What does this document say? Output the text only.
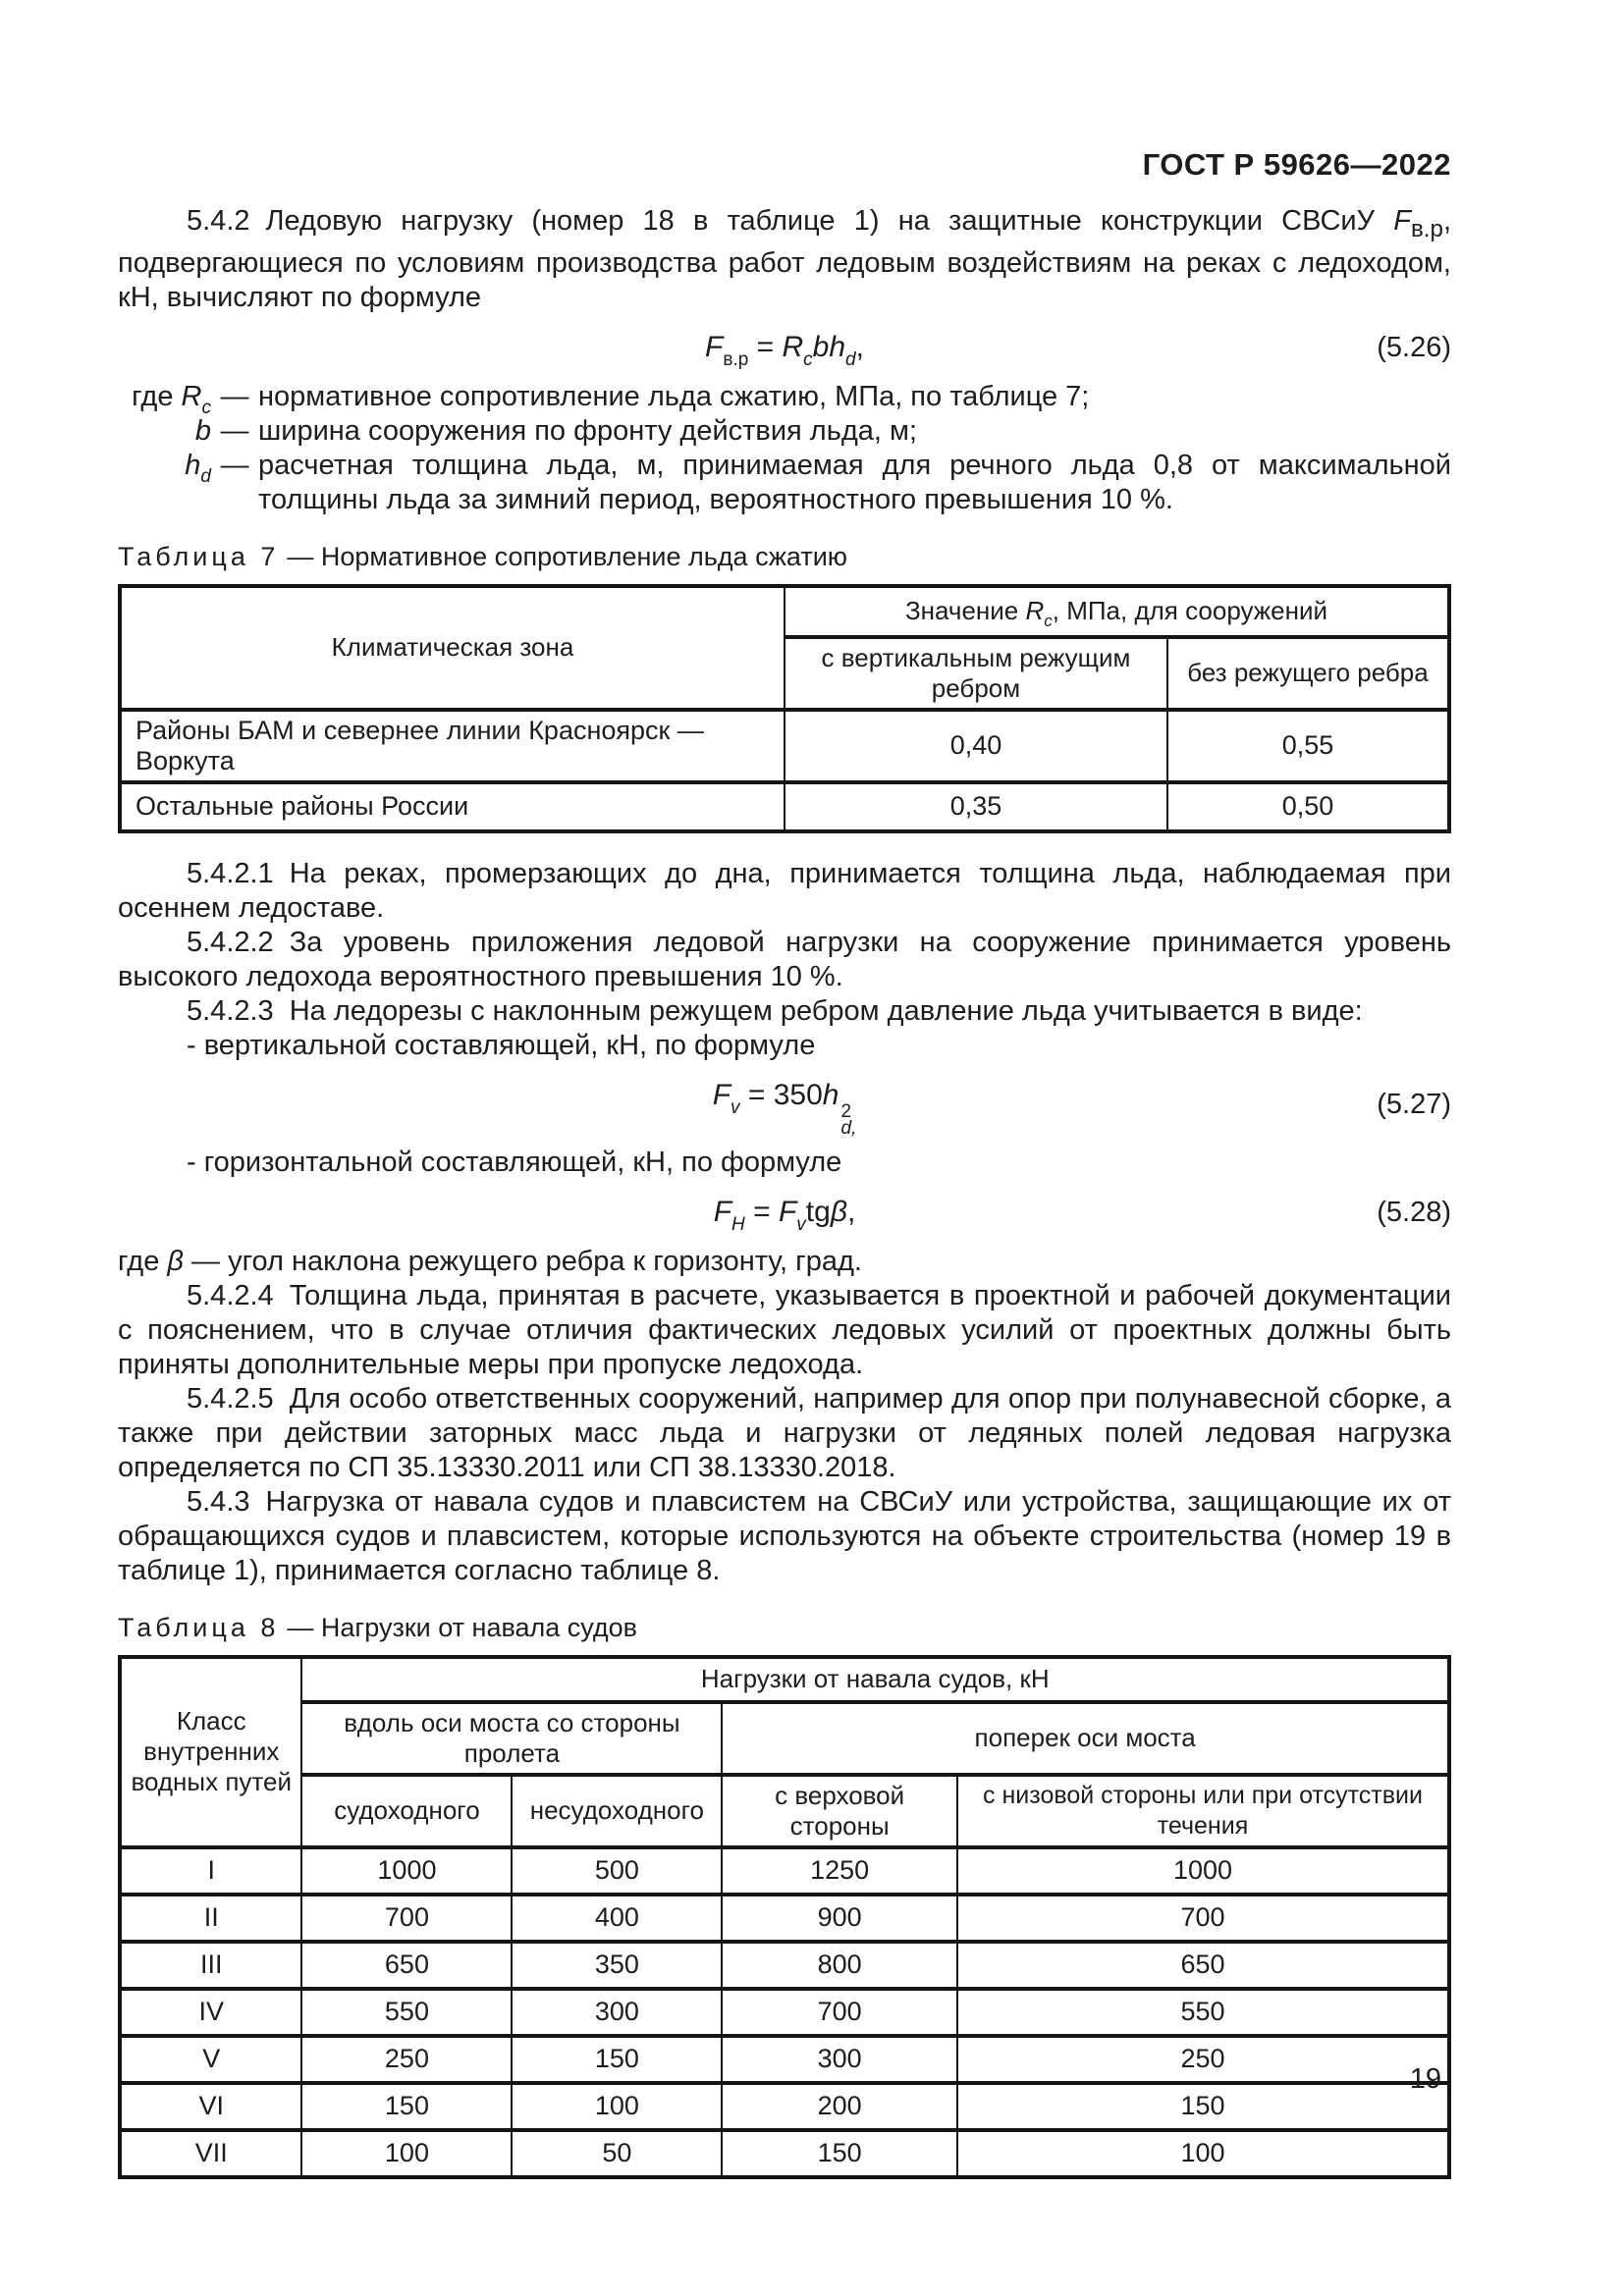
ГОСТ Р 59626—2022

5.4.2 Ледовую нагрузку (номер 18 в таблице 1) на защитные конструкции СВСиУ $F_{в.р}$, подвергающиеся по условиям производства работ ледовым воздействиям на реках с ледоходом, кН, вычисляют по формуле

$F_{в.р} = R_cbh_d$,	(5.26)
где $R_c$ — нормативное сопротивление льда сжатию, МПа, по таблице 7;
b — ширина сооружения по фронту действия льда, м;
$h_d$ — расчетная толщина льда, м, принимаемая для речного льда 0,8 от максимальной толщины льда за зимний период, вероятностного превышения 10 %.
Таблица 7 — Нормативное сопротивление льда сжатию
Климатическая зона	Значение $R_c$, МПа, для сооружений	
	с вертикальным режущим ребром	без режущего ребра
Районы БАМ и севернее линии Красноярск — Воркута	0,40	0,55
Остальные районы России	0,35	0,50

5.4.2.1 На реках, промерзающих до дна, принимается толщина льда, наблюдаемая при осеннем ледоставе.

5.4.2.2 За уровень приложения ледовой нагрузки на сооружение принимается уровень высокого ледохода вероятностного превышения 10 %.

5.4.2.3 На ледорезы с наклонным режущем ребром давление льда учитывается в виде:

- вертикальной составляющей, кН, по формуле

$F_v = 350h$
2
d,
(5.27)

- горизонтальной составляющей, кН, по формуле

$F_H = F_vtg\beta$,	(5.28)

где β — угол наклона режущего ребра к горизонту, град.

5.4.2.4 Толщина льда, принятая в расчете, указывается в проектной и рабочей документации с пояснением, что в случае отличия фактических ледовых усилий от проектных должны быть приняты дополнительные меры при пропуске ледохода.

5.4.2.5 Для особо ответственных сооружений, например для опор при полунавесной сборке, а также при действии заторных масс льда и нагрузки от ледяных полей ледовая нагрузка определяется по СП 35.13330.2011 или СП 38.13330.2018.

5.4.3 Нагрузка от навала судов и плавсистем на СВСиУ или устройства, защищающие их от обращающихся судов и плавсистем, которые используются на объекте строительства (номер 19 в таблице 1), принимается согласно таблице 8.

Таблица 8 — Нагрузки от навала судов
Класс внутренних водных путей	Нагрузки от навала судов, кН			
	вдоль оси моста со стороны пролета		поперек оси моста	
	судоходного	несудоходного	с верховой стороны	с низовой стороны или при отсутствии течения
I	1000	500	1250	1000
II	700	400	900	700
III	650	350	800	650
IV	550	300	700	550
V	250	150	300	250
VI	150	100	200	150
VII	100	50	150	100
19
